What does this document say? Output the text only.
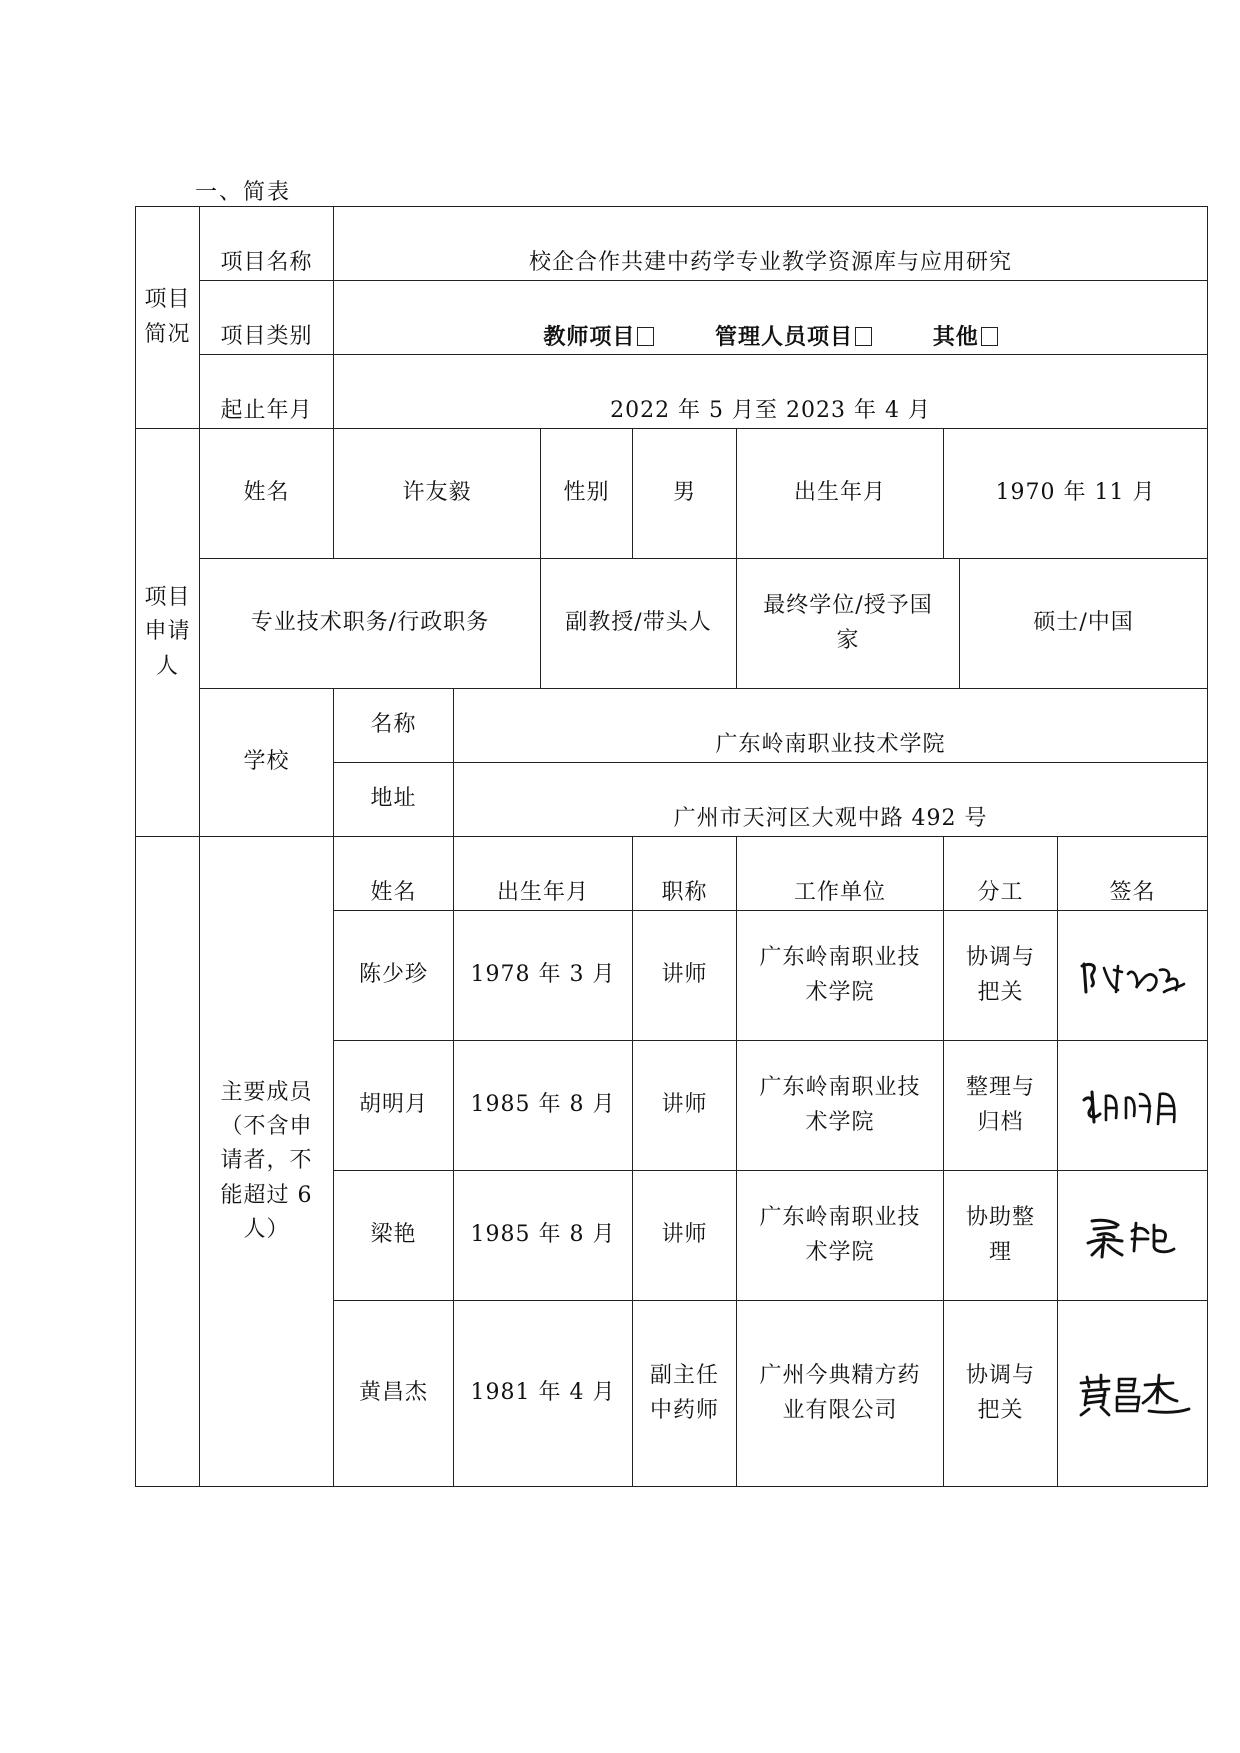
一、简表
项目简况	项目名称	校企合作共建中药学专业教学资源库与应用研究							
	项目类别	教师项目 管理人员项目 其他							
	起止年月	2022 年 5 月至 2023 年 4 月							
项目申请人	姓名	许友毅		性别	男	出生年月	1970 年 11 月		
	专业技术职务/行政职务			副教授/带头人		最终学位/授予国家		硕士/中国	
	学校	名称	广东岭南职业技术学院						
		地址	广州市天河区大观中路 492 号						
	主要成员（不含申请者，不能超过 6 人）	姓名	出生年月		职称	工作单位	分工		签名
		陈少珍	1978 年 3 月		讲师	广东岭南职业技术学院	协调与把关	

		胡明月	1985 年 8 月		讲师	广东岭南职业技术学院	整理与归档	

		梁艳	1985 年 8 月		讲师	广东岭南职业技术学院	协助整理	

		黄昌杰	1981 年 4 月		副主任中药师	广州今典精方药业有限公司	协调与把关	
